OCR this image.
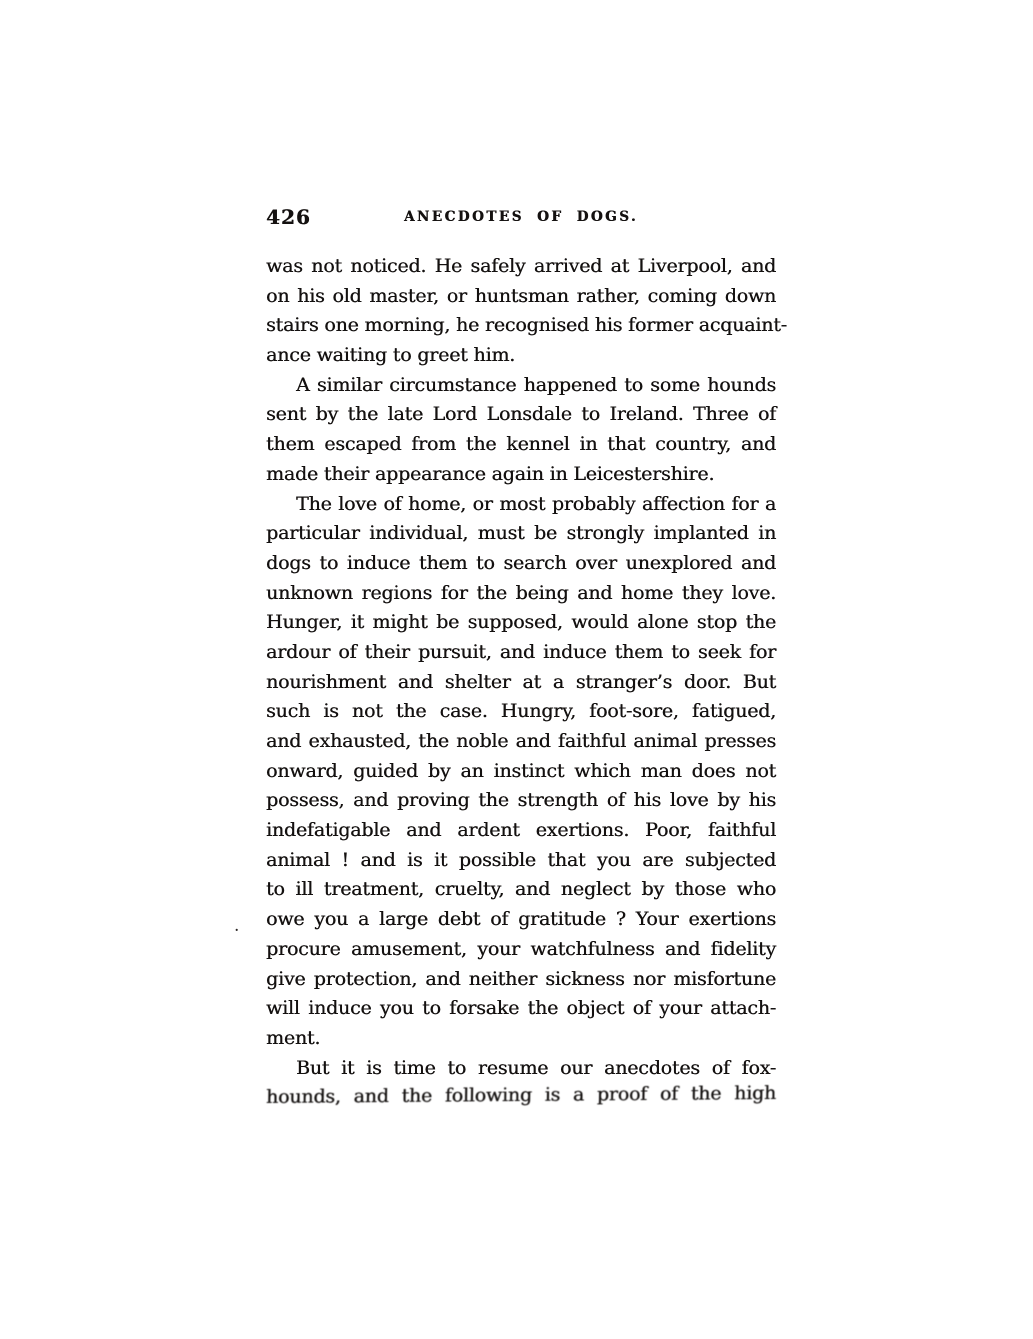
426	ANECDOTES OF DOGS.
.
was not noticed. He safely arrived at Liverpool, and
on his old master, or huntsman rather, coming down
stairs one morning, he recognised his former acquaint-
ance waiting to greet him.
A similar circumstance happened to some hounds
sent by the late Lord Lonsdale to Ireland. Three of
them escaped from the kennel in that country, and
made their appearance again in Leicestershire.
The love of home, or most probably affection for a
particular individual, must be strongly implanted in
dogs to induce them to search over unexplored and
unknown regions for the being and home they love.
Hunger, it might be supposed, would alone stop the
ardour of their pursuit, and induce them to seek for
nourishment and shelter at a stranger’s door. But
such is not the case. Hungry, foot-sore, fatigued,
and exhausted, the noble and faithful animal presses
onward, guided by an instinct which man does not
possess, and proving the strength of his love by his
indefatigable and ardent exertions. Poor, faithful
animal ! and is it possible that you are subjected
to ill treatment, cruelty, and neglect by those who
owe you a large debt of gratitude ? Your exertions
procure amusement, your watchfulness and fidelity
give protection, and neither sickness nor misfortune
will induce you to forsake the object of your attach-
ment.
But it is time to resume our anecdotes of fox-
hounds, and the following is a proof of the high
